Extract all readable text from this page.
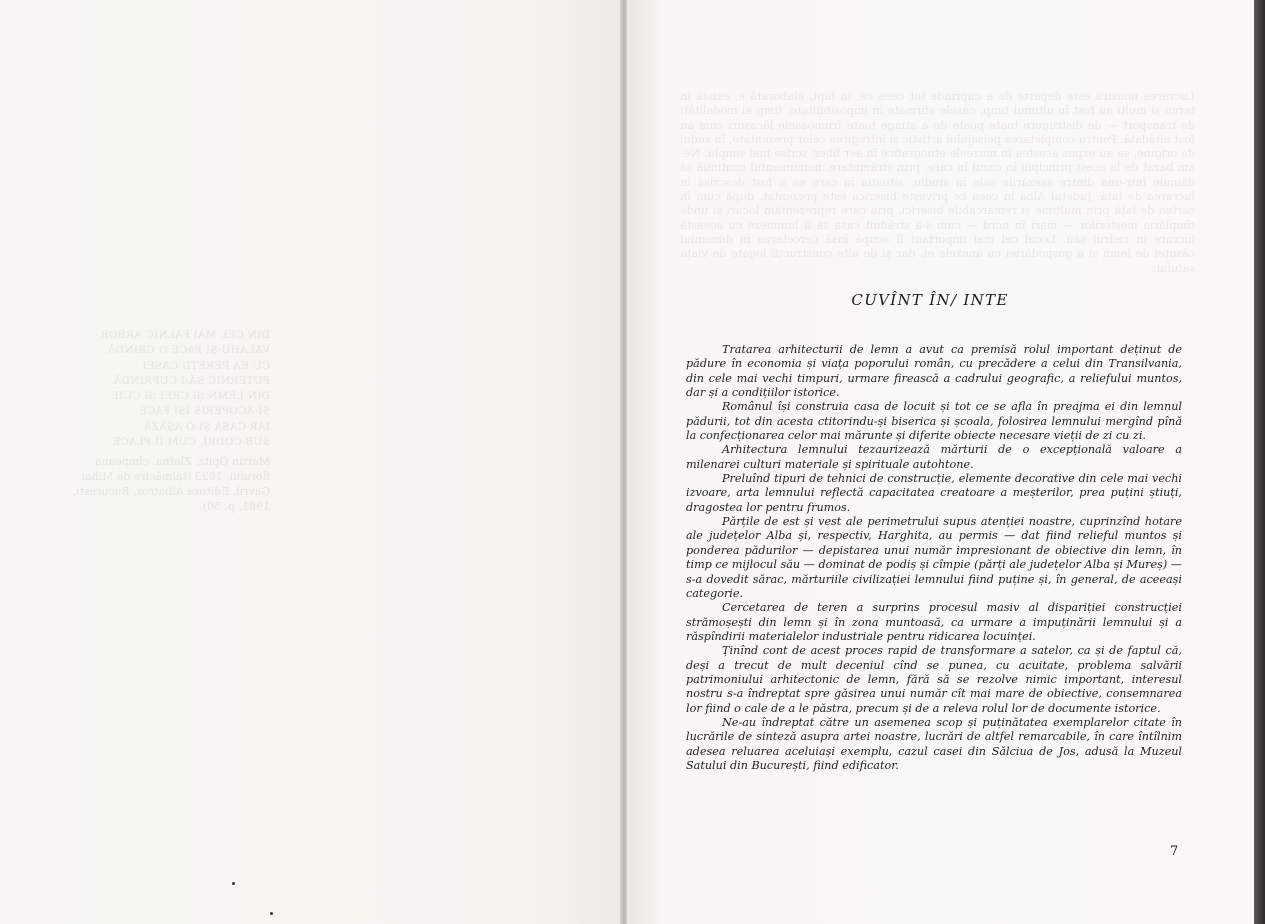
DIN CEL MAI FALNIC ARBOR
VALAHU-ȘI FACE O GRINDĂ
CU EA PEREȚII CASEI
PUTERNIC SĂ-I CUPRINDĂ
DIN LEMN ȘI CREI ȘI CUIE
ȘI-ACOPERIȘ ÎȘI FACE
IAR CASA ȘI-O AȘAZĂ
SUB CODRI, CUM ÎI PLACE
Martin Opitz, Zlatna, cîmpeana florului, 1623 (tălmăcire de Mihai Gavril, Editura Albatros, București, 1981, p. 50).
CUVÎNT ÎN/ INTE

Tratarea arhitecturii de lemn a avut ca premisă rolul important deținut de pădure în economia și viața poporului român, cu precădere a celui din Transilvania, din cele mai vechi timpuri, urmare firească a cadrului geografic, a reliefului muntos, dar și a condițiilor istorice.

Românul își construia casa de locuit și tot ce se afla în preajma ei din lemnul pădurii, tot din acesta ctitorindu-și biserica și școala, folosirea lemnului mergînd pînă la confecționarea celor mai mărunte și diferite obiecte necesare vieții de zi cu zi.

Arhitectura lemnului tezaurizează mărturii de o excepțională valoare a milenarei culturi materiale și spirituale autohtone.

Preluînd tipuri de tehnici de construcție, elemente decorative din cele mai vechi izvoare, arta lemnului reflectă capacitatea creatoare a meșterilor, prea puțini știuți, dragostea lor pentru frumos.

Părțile de est și vest ale perimetrului supus atenției noastre, cuprinzînd hotare ale județelor Alba și, respectiv, Harghita, au permis — dat fiind relieful muntos și ponderea pădurilor — depistarea unui număr impresionant de obiective din lemn, în timp ce mijlocul său — dominat de podiș și cîmpie (părți ale județelor Alba și Mureș) — s-a dovedit sărac, mărturiile civilizației lemnului fiind puține și, în general, de aceeași categorie.

Cercetarea de teren a surprins procesul masiv al dispariției construcției strămoșești din lemn și în zona muntoasă, ca urmare a impuținării lemnului și a răspîndirii materialelor industriale pentru ridicarea locuinței.

Ținînd cont de acest proces rapid de transformare a satelor, ca și de faptul că, deși a trecut de mult deceniul cînd se punea, cu acuitate, problema salvării patrimoniului arhitectonic de lemn, fără să se rezolve nimic important, interesul nostru s-a îndreptat spre găsirea unui număr cît mai mare de obiective, consemnarea lor fiind o cale de a le păstra, precum și de a releva rolul lor de documente istorice.

Ne-au îndreptat către un asemenea scop și puținătatea exemplarelor citate în lucrările de sinteză asupra artei noastre, lucrări de altfel remarcabile, în care întîlnim adesea reluarea aceluiași exemplu, cazul casei din Sălciua de Jos, adusă la Muzeul Satului din București, fiind edificator.

7
